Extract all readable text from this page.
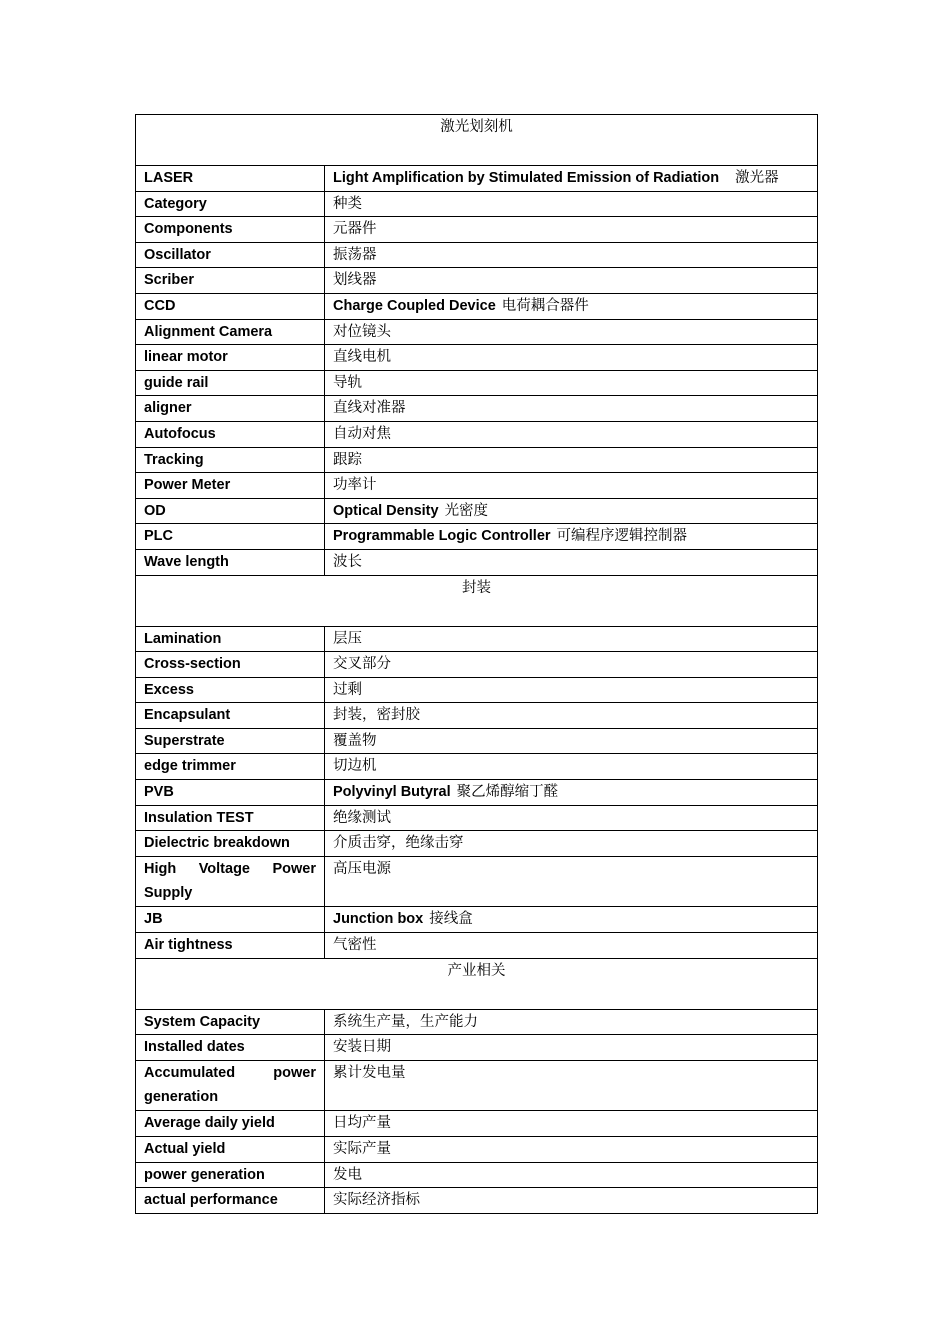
激光划刻机	
LASER	Light Amplification by Stimulated Emission of Radiation 激光器
Category	种类
Components	元器件
Oscillator	振荡器
Scriber	划线器
CCD	Charge Coupled Device 电荷耦合器件
Alignment Camera	对位镜头
linear motor	直线电机
guide rail	导轨
aligner	直线对准器
Autofocus	自动对焦
Tracking	跟踪
Power Meter	功率计
OD	Optical Density 光密度
PLC	Programmable Logic Controller 可编程序逻辑控制器
Wave length	波长
封装	
Lamination	层压
Cross-section	交叉部分
Excess	过剩
Encapsulant	封装，密封胶
Superstrate	覆盖物
edge trimmer	切边机
PVB	Polyvinyl Butyral 聚乙烯醇缩丁醛
Insulation TEST	绝缘测试
Dielectric breakdown	介质击穿，绝缘击穿

High Voltage Power
Supply	高压电源
JB	Junction box 接线盒
Air tightness	气密性
产业相关	
System Capacity	系统生产量，生产能力
Installed dates	安装日期

Accumulated power
generation	累计发电量
Average daily yield	日均产量
Actual yield	实际产量
power generation	发电
actual performance	实际经济指标
